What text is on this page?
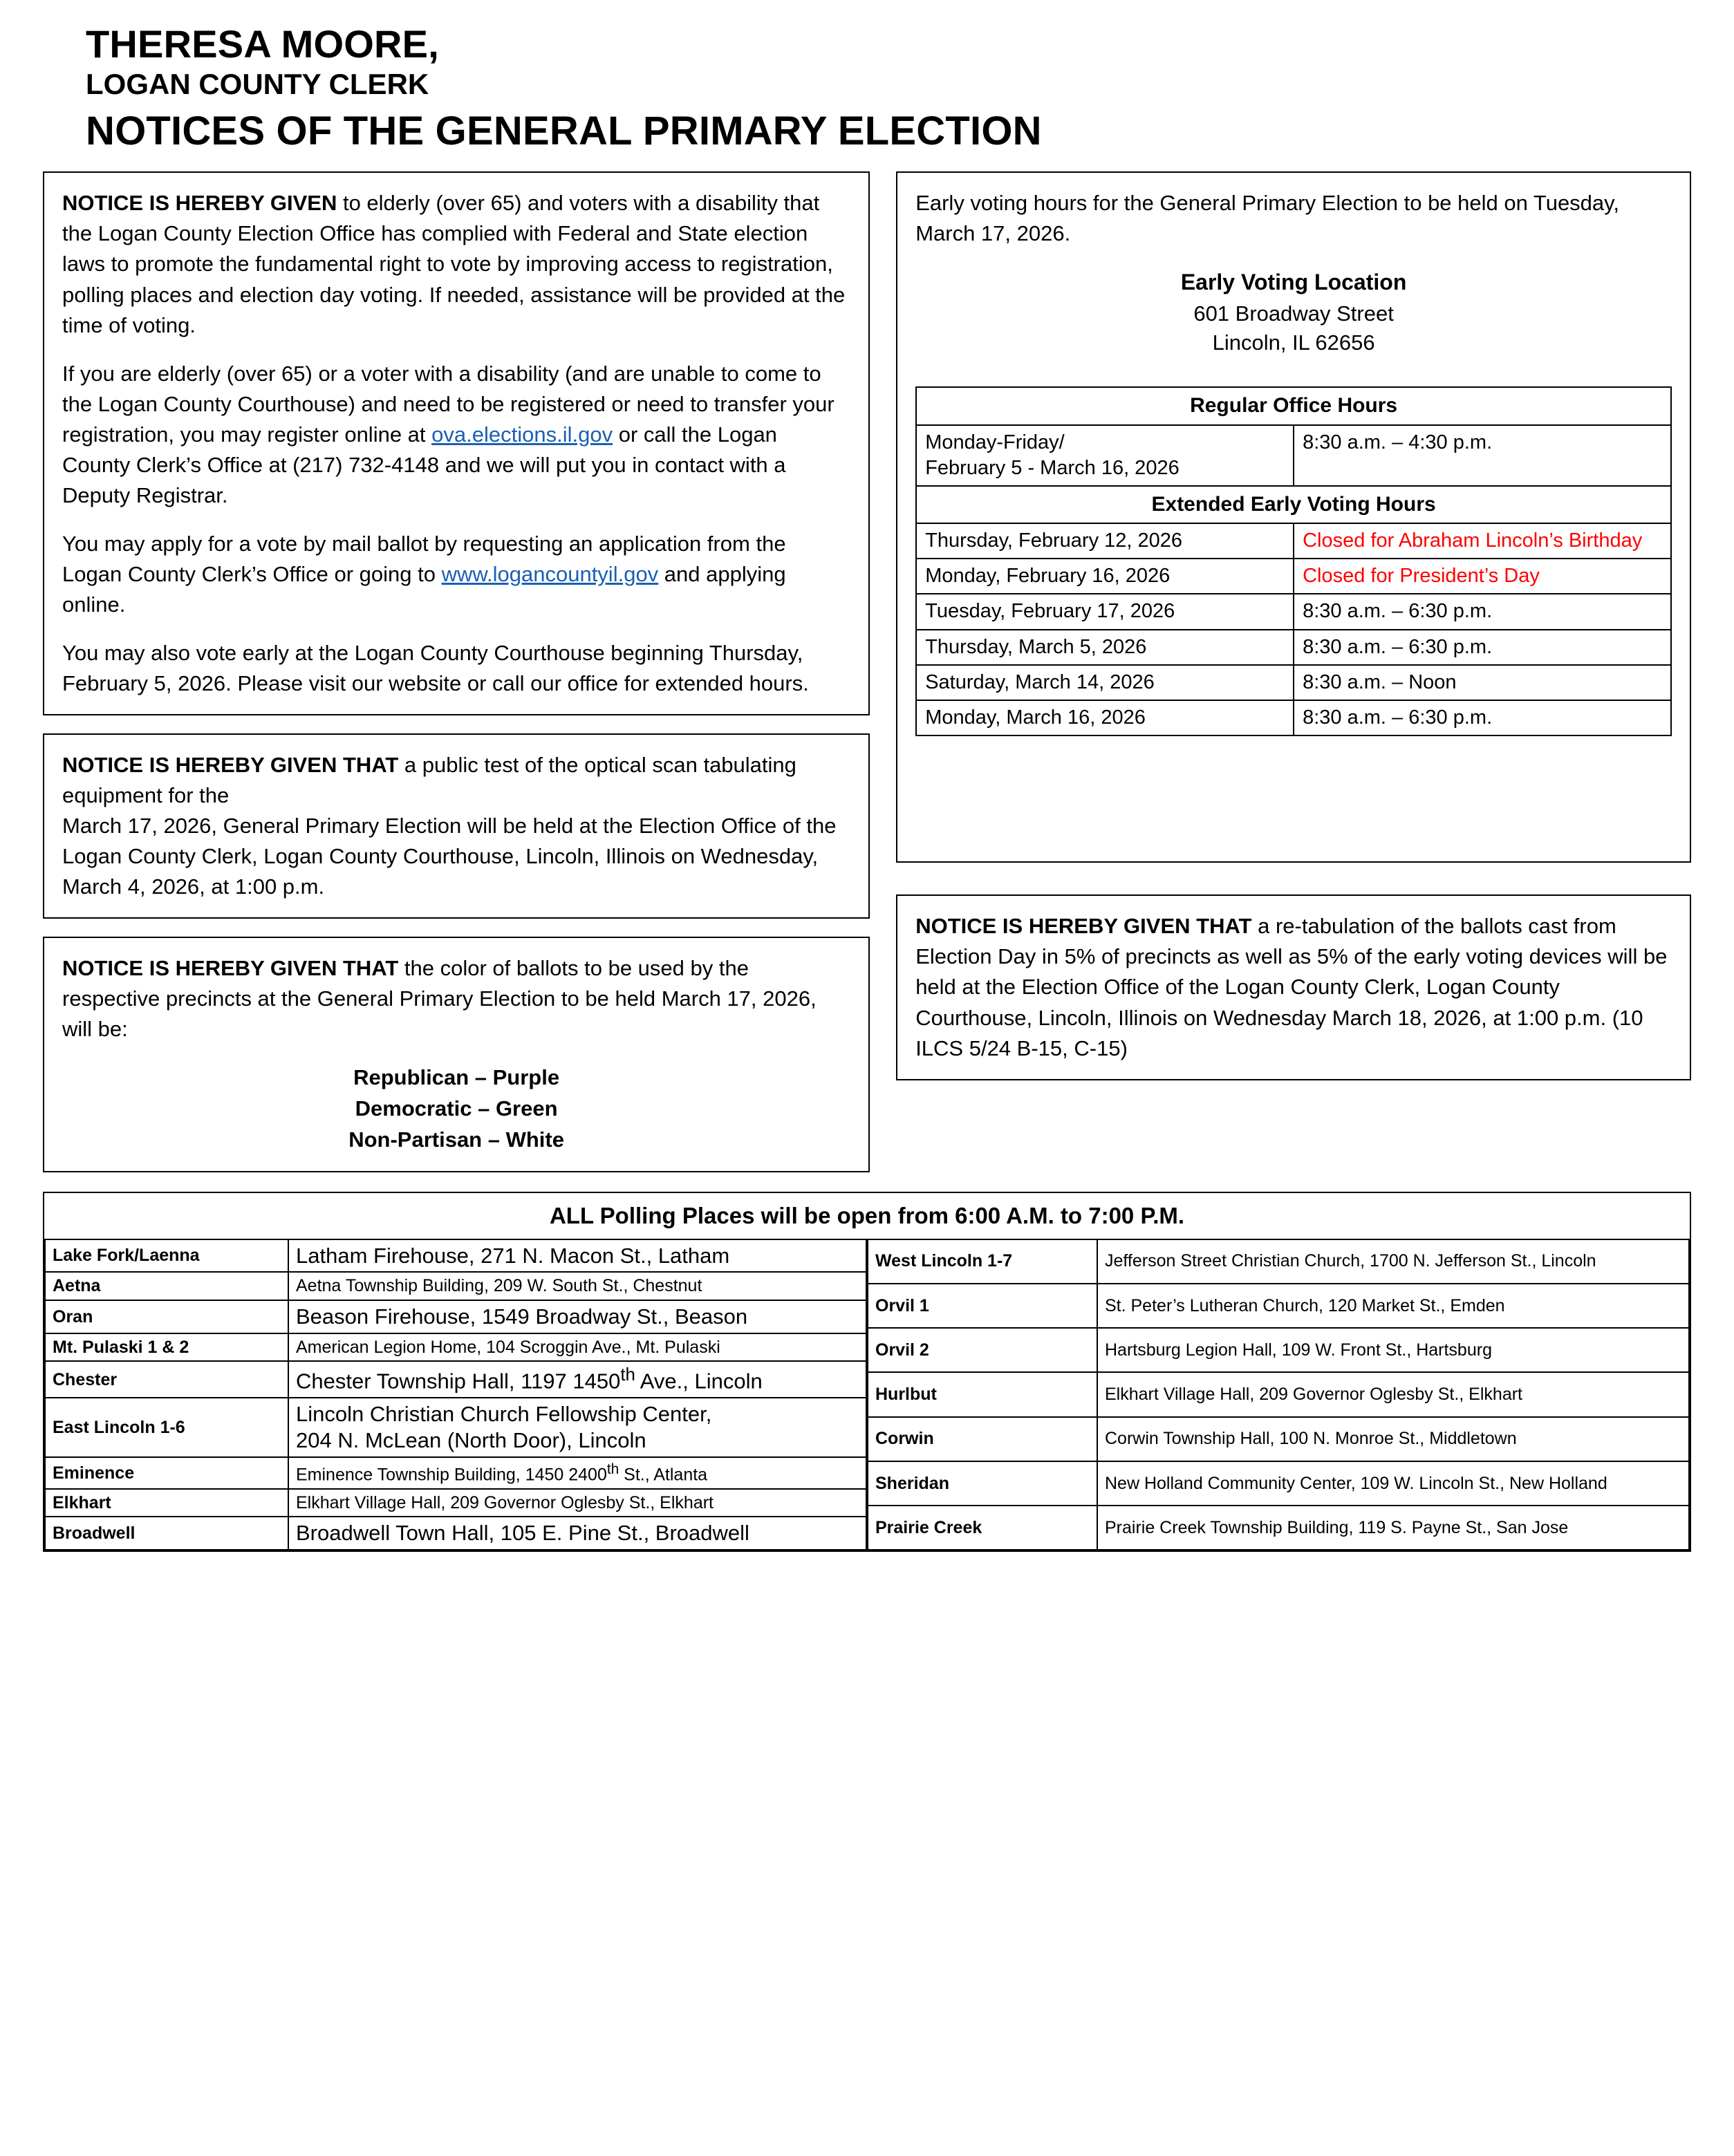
THERESA MOORE,
LOGAN COUNTY CLERK
NOTICES OF THE GENERAL PRIMARY ELECTION

NOTICE IS HEREBY GIVEN to elderly (over 65) and voters with a disability that the Logan County Election Office has complied with Federal and State election laws to promote the fundamental right to vote by improving access to registration, polling places and election day voting. If needed, assistance will be provided at the time of voting.

If you are elderly (over 65) or a voter with a disability (and are unable to come to the Logan County Courthouse) and need to be registered or need to transfer your registration, you may register online at ova.elections.il.gov or call the Logan County Clerk’s Office at (217) 732-4148 and we will put you in contact with a Deputy Registrar.

You may apply for a vote by mail ballot by requesting an application from the Logan County Clerk’s Office or going to www.logancountyil.gov and applying online.

You may also vote early at the Logan County Courthouse beginning Thursday, February 5, 2026. Please visit our website or call our office for extended hours.

NOTICE IS HEREBY GIVEN THAT a public test of the optical scan tabulating equipment for the

March 17, 2026, General Primary Election will be held at the Election Office of the Logan County Clerk, Logan County Courthouse, Lincoln, Illinois on Wednesday, March 4, 2026, at 1:00 p.m.

NOTICE IS HEREBY GIVEN THAT the color of ballots to be used by the respective precincts at the General Primary Election to be held March 17, 2026, will be:

Republican – Purple

Democratic – Green

Non-Partisan – White

Early voting hours for the General Primary Election to be held on Tuesday, March 17, 2026.

Early Voting Location

601 Broadway Street

Lincoln, IL 62656

Regular Office Hours	
Monday-Friday/
February 5 - March 16, 2026	8:30 a.m. – 4:30 p.m.
Extended Early Voting Hours	
Thursday, February 12, 2026	Closed for Abraham Lincoln’s Birthday
Monday, February 16, 2026	Closed for President’s Day
Tuesday, February 17, 2026	8:30 a.m. – 6:30 p.m.
Thursday, March 5, 2026	8:30 a.m. – 6:30 p.m.
Saturday, March 14, 2026	8:30 a.m. – Noon
Monday, March 16, 2026	8:30 a.m. – 6:30 p.m.

NOTICE IS HEREBY GIVEN THAT a re-tabulation of the ballots cast from Election Day in 5% of precincts as well as 5% of the early voting devices will be held at the Election Office of the Logan County Clerk, Logan County Courthouse, Lincoln, Illinois on Wednesday March 18, 2026, at 1:00 p.m. (10 ILCS 5/24 B-15, C-15)

ALL Polling Places will be open from 6:00 A.M. to 7:00 P.M.
Lake Fork/Laenna	Latham Firehouse, 271 N. Macon St., Latham
Aetna	Aetna Township Building, 209 W. South St., Chestnut
Oran	Beason Firehouse, 1549 Broadway St., Beason
Mt. Pulaski 1 & 2	American Legion Home, 104 Scroggin Ave., Mt. Pulaski
Chester	Chester Township Hall, 1197 1450th Ave., Lincoln
East Lincoln 1-6	Lincoln Christian Church Fellowship Center,
204 N. McLean (North Door), Lincoln
Eminence	Eminence Township Building, 1450 2400th St., Atlanta
Elkhart	Elkhart Village Hall, 209 Governor Oglesby St., Elkhart
Broadwell	Broadwell Town Hall, 105 E. Pine St., Broadwell
West Lincoln 1-7	Jefferson Street Christian Church, 1700 N. Jefferson St., Lincoln
Orvil 1	St. Peter’s Lutheran Church, 120 Market St., Emden
Orvil 2	Hartsburg Legion Hall, 109 W. Front St., Hartsburg
Hurlbut	Elkhart Village Hall, 209 Governor Oglesby St., Elkhart
Corwin	Corwin Township Hall, 100 N. Monroe St., Middletown
Sheridan	New Holland Community Center, 109 W. Lincoln St., New Holland
Prairie Creek	Prairie Creek Township Building, 119 S. Payne St., San Jose
